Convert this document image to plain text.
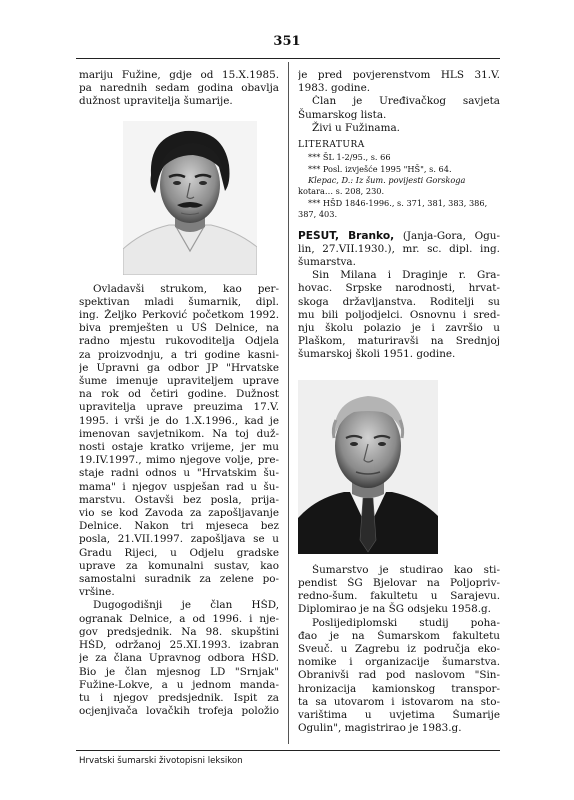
351
mariju Fužine, gdje od 15.X.1985.
pa narednih sedam godina obavlja
dužnost upravitelja šumarije.
Ovladavši strukom, kao per-
spektivan mladi šumarnik, dipl.
ing. Željko Perković početkom 1992.
biva premješten u UŠ Delnice, na
radno mjestu rukovoditelja Odjela
za proizvodnju, a tri godine kasni-
je Upravni ga odbor JP "Hrvatske
šume imenuje upraviteljem uprave
na rok od četiri godine. Dužnost
upravitelja uprave preuzima 17.V.
1995. i vrši je do 1.X.1996., kad je
imenovan savjetnikom. Na toj duž-
nosti ostaje kratko vrijeme, jer mu
19.IV.1997., mimo njegove volje, pre-
staje radni odnos u "Hrvatskim šu-
mama" i njegov uspješan rad u šu-
marstvu. Ostavši bez posla, prija-
vio se kod Zavoda za zapošljavanje
Delnice. Nakon tri mjeseca bez
posla, 21.VII.1997. zapošljava se u
Gradu Rijeci, u Odjelu gradske
uprave za komunalni sustav, kao
samostalni suradnik za zelene po-
vršine.
Dugogodišnji je član HŠD,
ogranak Delnice, a od 1996. i nje-
gov predsjednik. Na 98. skupštini
HŠD, održanoj 25.XI.1993. izabran
je za člana Upravnog odbora HŠD.
Bio je član mjesnog LD "Srnjak"
Fužine-Lokve, a u jednom manda-
tu i njegov predsjednik. Ispit za
ocjenjivača lovačkih trofeja položio
je pred povjerenstvom HLS 31.V.
1983. godine.
Član je Uređivačkog savjeta
Šumarskog lista.
Živi u Fužinama.
LITERATURA
*** ŠL 1-2/95., s. 66
*** Posl. izvješće 1995 "HŠ", s. 64.
Klepac, D.: Iz šum. povijesti Gorskoga
kotara… s. 208, 230.
*** HŠD 1846-1996., s. 371, 381, 383, 386,
387, 403.
PEŠUT, Branko, (Janja-Gora, Ogu-
lin, 27.VII.1930.), mr. sc. dipl. ing.
šumarstva.
Sin Milana i Draginje r. Gra-
hovac. Srpske narodnosti, hrvat-
skoga državljanstva. Roditelji su
mu bili poljodjelci. Osnovnu i sred-
nju školu polazio je i završio u
Plaškom, maturiravši na Srednjoj
šumarskoj školi 1951. godine.
Šumarstvo je studirao kao sti-
pendist ŠG Bjelovar na Poljopriv-
redno-šum. fakultetu u Sarajevu.
Diplomirao je na ŠG odsjeku 1958.g.
Poslijediplomski studij poha-
đao je na Šumarskom fakultetu
Sveuč. u Zagrebu iz područja eko-
nomike i organizacije šumarstva.
Obranivši rad pod naslovom "Sin-
hronizacija kamionskog transpor-
ta sa utovarom i istovarom na sto-
varištima u uvjetima Šumarije
Ogulin", magistrirao je 1983.g.
Hrvatski šumarski životopisni leksikon
